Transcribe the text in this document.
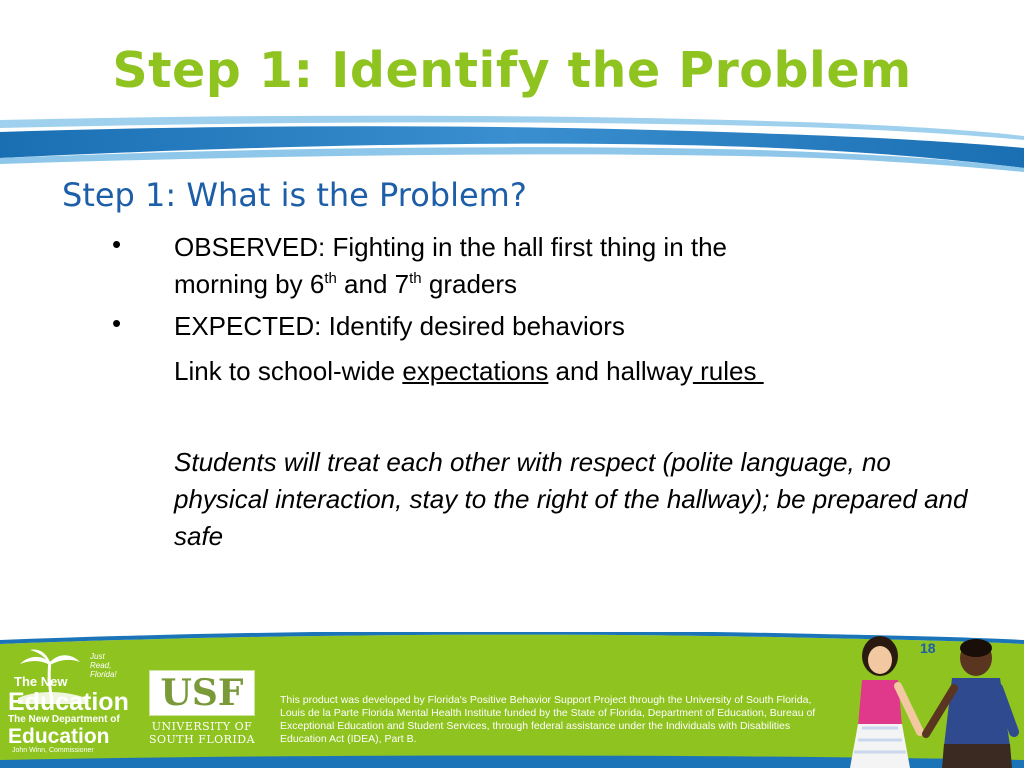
Step 1: Identify the Problem
Step 1: What is the Problem?
•	OBSERVED: Fighting in the hall first thing in the
morning by 6th and 7th graders
•	EXPECTED: Identify desired behaviors
Link to school-wide expectations and hallway rules
Students will treat each other with respect (polite language, no physical interaction, stay to the right of the hallway); be prepared and safe
18
Just Read, Florida!
The New
Education
The New Department of
Education
John Winn, Commissioner
USF
UNIVERSITY OF
SOUTH FLORIDA
This product was developed by Florida's Positive Behavior Support Project through the University of South Florida, Louis de la Parte Florida Mental Health Institute funded by the State of Florida, Department of Education, Bureau of Exceptional Education and Student Services, through federal assistance under the Individuals with Disabilities Education Act (IDEA), Part B.
